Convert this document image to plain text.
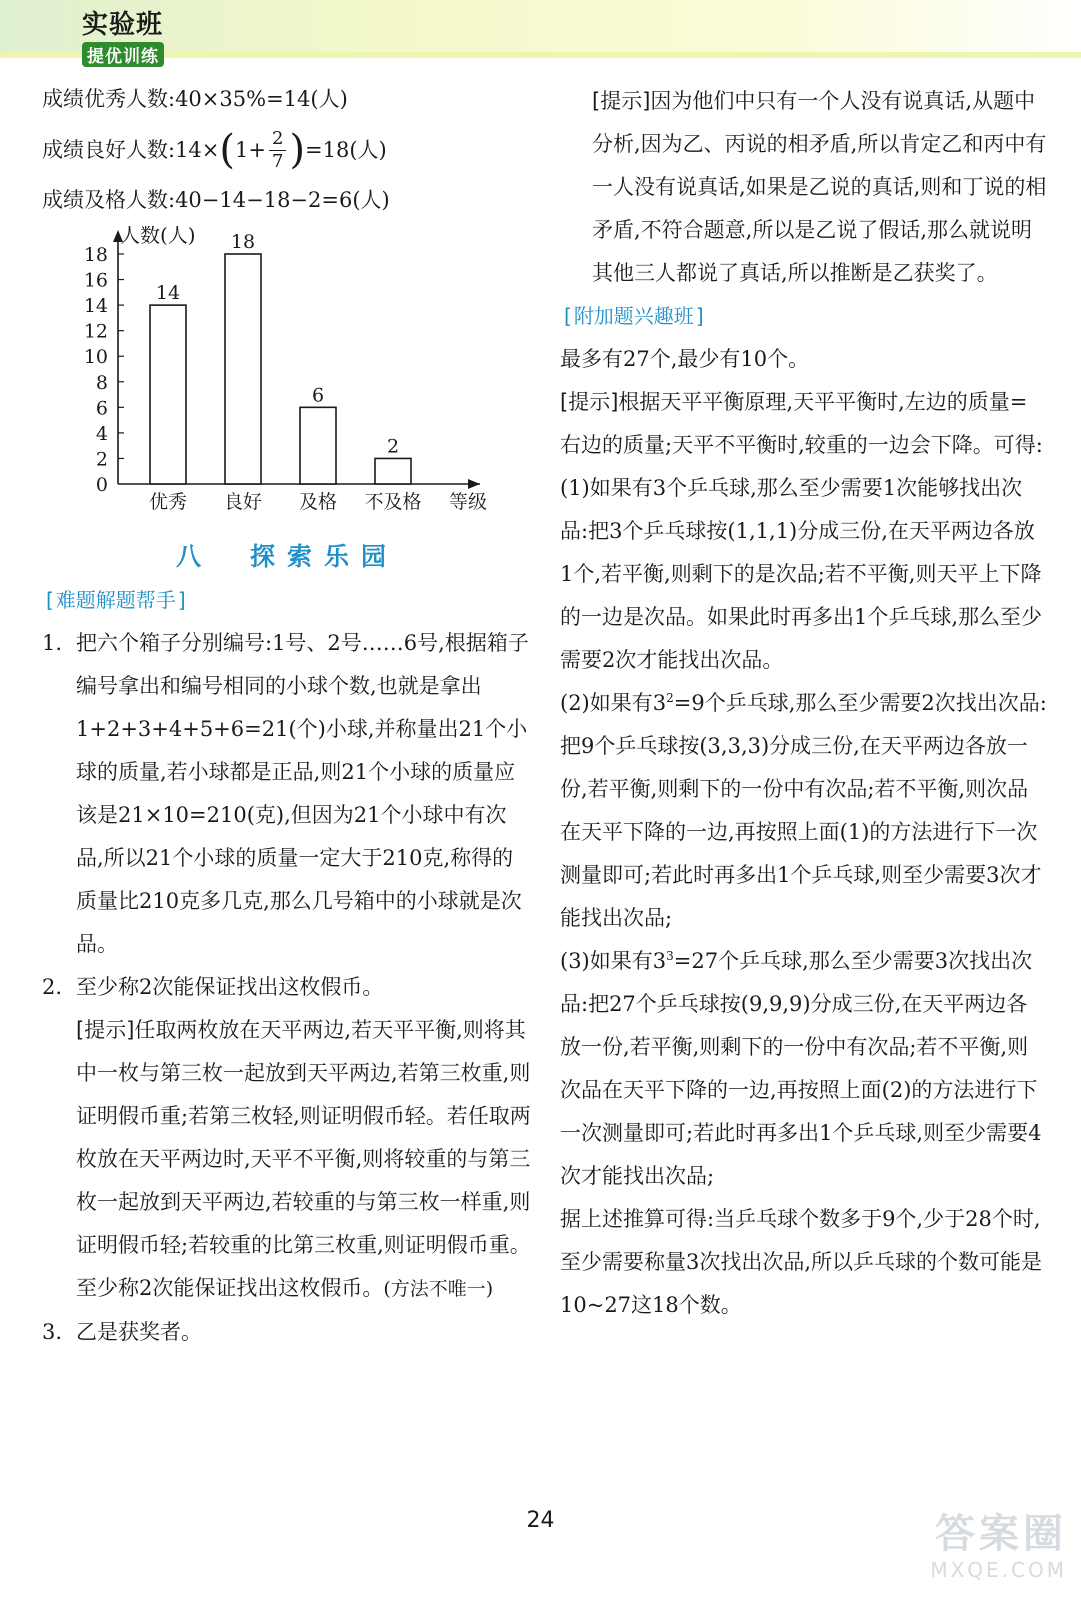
实验班
提优训练

成绩优秀人数:40×35%=14(人)

成绩良好人数:14× ( $1+ \frac{2}{7}$ ) =18(人)

成绩及格人数:40−14−18−2=6(人)

人数(人)
0
2
4
6
8
10
12
14
16
18
14
优秀
18
良好
6
及格
2
不及格 等级
八　探索乐园
[ 难题解题帮手 ]
1. 把六个箱子分别编号:1号、2号……6号,根据箱子编号拿出和编号相同的小球个数,也就是拿出1+2+3+4+5+6=21(个)小球,并称量出21个小球的质量,若小球都是正品,则21个小球的质量应该是21×10=210(克),但因为21个小球中有次品,所以21个小球的质量一定大于210克,称得的质量比210克多几克,那么几号箱中的小球就是次品。
2. 至少称2次能保证找出这枚假币。
[提示]任取两枚放在天平两边,若天平平衡,则将其中一枚与第三枚一起放到天平两边,若第三枚重,则证明假币重;若第三枚轻,则证明假币轻。若任取两枚放在天平两边时,天平不平衡,则将较重的与第三枚一起放到天平两边,若较重的与第三枚一样重,则证明假币轻;若较重的比第三枚重,则证明假币重。至少称2次能保证找出这枚假币。(方法不唯一)
3. 乙是获奖者。
[提示]因为他们中只有一个人没有说真话,从题中分析,因为乙、丙说的相矛盾,所以肯定乙和丙中有一人没有说真话,如果是乙说的真话,则和丁说的相矛盾,不符合题意,所以是乙说了假话,那么就说明其他三人都说了真话,所以推断是乙获奖了。
[ 附加题兴趣班 ]

最多有27个,最少有10个。

[提示]根据天平平衡原理,天平平衡时,左边的质量=右边的质量;天平不平衡时,较重的一边会下降。可得:(1)如果有3个乒乓球,那么至少需要1次能够找出次品:把3个乒乓球按(1,1,1)分成三份,在天平两边各放1个,若平衡,则剩下的是次品;若不平衡,则天平上下降的一边是次品。如果此时再多出1个乒乓球,那么至少需要2次才能找出次品。

(2)如果有$3^2=9$个乒乓球,那么至少需要2次找出次品:把9个乒乓球按(3,3,3)分成三份,在天平两边各放一份,若平衡,则剩下的一份中有次品;若不平衡,则次品在天平下降的一边,再按照上面(1)的方法进行下一次测量即可;若此时再多出1个乒乓球,则至少需要3次才能找出次品;

(3)如果有$3^3=27$个乒乓球,那么至少需要3次找出次品:把27个乒乓球按(9,9,9)分成三份,在天平两边各放一份,若平衡,则剩下的一份中有次品;若不平衡,则次品在天平下降的一边,再按照上面(2)的方法进行下一次测量即可;若此时再多出1个乒乓球,则至少需要4次才能找出次品;

据上述推算可得:当乒乓球个数多于9个,少于28个时,至少需要称量3次找出次品,所以乒乓球的个数可能是10~27这18个数。

24	答案圈
MXQE.COM
